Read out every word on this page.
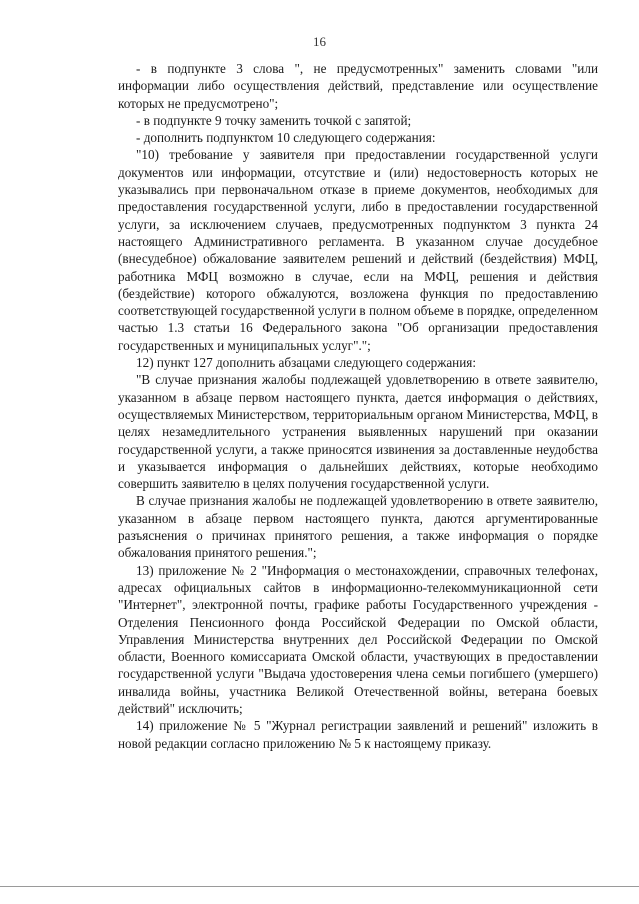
16

- в подпункте 3 слова ", не предусмотренных" заменить словами "или информации либо осуществления действий, представление или осуществление которых не предусмотрено";

- в подпункте 9 точку заменить точкой с запятой;

- дополнить подпунктом 10 следующего содержания:

"10) требование у заявителя при предоставлении государственной услуги документов или информации, отсутствие и (или) недостоверность которых не указывались при первоначальном отказе в приеме документов, необходимых для предоставления государственной услуги, либо в предоставлении государственной услуги, за исключением случаев, предусмотренных подпунктом 3 пункта 24 настоящего Административного регламента. В указанном случае досудебное (внесудебное) обжалование заявителем решений и действий (бездействия) МФЦ, работника МФЦ возможно в случае, если на МФЦ, решения и действия (бездействие) которого обжалуются, возложена функция по предоставлению соответствующей государственной услуги в полном объеме в порядке, определенном частью 1.3 статьи 16 Федерального закона "Об организации предоставления государственных и муниципальных услуг".";

12) пункт 127 дополнить абзацами следующего содержания:

"В случае признания жалобы подлежащей удовлетворению в ответе заявителю, указанном в абзаце первом настоящего пункта, дается информация о действиях, осуществляемых Министерством, территориальным органом Министерства, МФЦ, в целях незамедлительного устранения выявленных нарушений при оказании государственной услуги, а также приносятся извинения за доставленные неудобства и указывается информация о дальнейших действиях, которые необходимо совершить заявителю в целях получения государственной услуги.

В случае признания жалобы не подлежащей удовлетворению в ответе заявителю, указанном в абзаце первом настоящего пункта, даются аргументированные разъяснения о причинах принятого решения, а также информация о порядке обжалования принятого решения.";

13) приложение № 2 "Информация о местонахождении, справочных телефонах, адресах официальных сайтов в информационно-телекоммуникационной сети "Интернет", электронной почты, графике работы Государственного учреждения - Отделения Пенсионного фонда Российской Федерации по Омской области, Управления Министерства внутренних дел Российской Федерации по Омской области, Военного комиссариата Омской области, участвующих в предоставлении государственной услуги "Выдача удостоверения члена семьи погибшего (умершего) инвалида войны, участника Великой Отечественной войны, ветерана боевых действий" исключить;

14) приложение № 5 "Журнал регистрации заявлений и решений" изложить в новой редакции согласно приложению № 5 к настоящему приказу.
